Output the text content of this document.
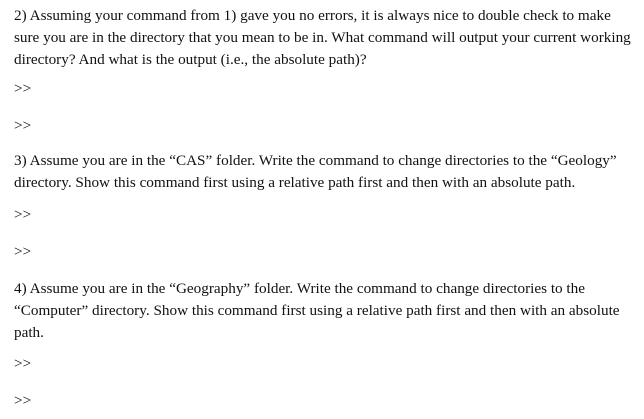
2) Assuming your command from 1) gave you no errors, it is always nice to double check to make sure you are in the directory that you mean to be in. What command will output your current working directory? And what is the output (i.e., the absolute path)?

>>

>>

3) Assume you are in the “CAS” folder. Write the command to change directories to the “Geology” directory. Show this command first using a relative path first and then with an absolute path.

>>

>>

4) Assume you are in the “Geography” folder. Write the command to change directories to the “Computer” directory. Show this command first using a relative path first and then with an absolute path.

>>

>>
